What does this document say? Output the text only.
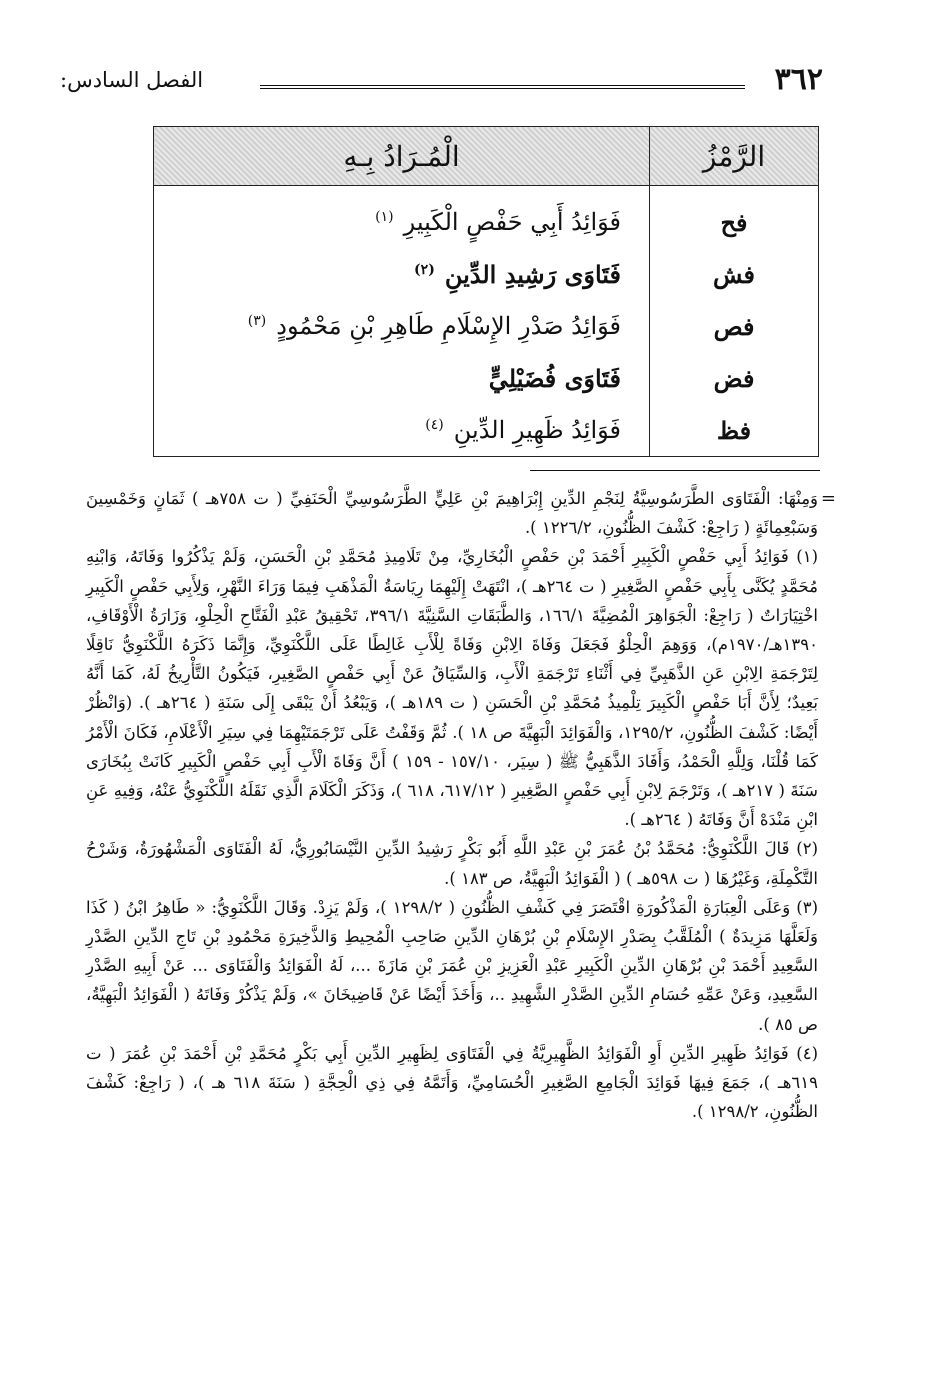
٣٦٢
الفصل السادس:
الرَّمْزُ	الْمُـرَادُ بِـهِ
فح	فَوَائِدُ أَبِي حَفْصٍ الْكَبِيرِ$^{(١)}$
فش	فَتَاوَى رَشِيدِ الدِّينِ$^{(٢)}$
فص	فَوَائِدُ صَدْرِ الإِسْلَامِ طَاهِرِ بْنِ مَحْمُودٍ$^{(٣)}$
فض	فَتَاوَى فُضَيْلِيٍّ
فظ	فَوَائِدُ ظَهِيرِ الدِّينِ$^{(٤)}$
=

وَمِنْهَا: الْفَتَاوَى الطَّرَسُوسِيَّةُ لِنَجْمِ الدِّينِ إِبْرَاهِيمَ بْنِ عَلِيٍّ الطَّرَسُوسِيِّ الْحَنَفِيِّ ( ت ٧٥٨هـ ) ثَمَانٍ وَخَمْسِينَ وَسَبْعِمِائَةٍ ( رَاجِعْ: كَشْفَ الظُّنُونِ، ١٢٢٦/٢ ).

(١) فَوَائِدُ أَبِي حَفْصٍ الْكَبِيرِ أَحْمَدَ بْنِ حَفْصٍ الْبُخَارِيِّ، مِنْ تَلَامِيذِ مُحَمَّدِ بْنِ الْحَسَنِ، وَلَمْ يَذْكُرُوا وَفَاتَهُ، وَابْنِهِ مُحَمَّدٍ يُكَنَّى بِأَبِي حَفْصٍ الصَّغِيرِ ( ت ٢٦٤هـ )، انْتَهَتْ إِلَيْهِمَا رِيَاسَةُ الْمَذْهَبِ فِيمَا وَرَاءَ النَّهْرِ، وَلِأَبِي حَفْصٍ الْكَبِيرِ اخْتِيَارَاتٌ ( رَاجِعْ: الْجَوَاهِرَ الْمُضِيَّةَ ١٦٦/١، وَالطَّبَقَاتِ السَّنِيَّةَ ٣٩٦/١، تَحْقِيقُ عَبْدِ الْفَتَّاحِ الْحِلْوِ، وَزَارَةُ الْأَوْقَافِ، ١٣٩٠هـ/١٩٧٠م)، وَوَهِمَ الْحِلْوُ فَجَعَلَ وَفَاةَ الِابْنِ وَفَاةً لِلْأَبِ غَالِطًا عَلَى اللَّكْنَوِيِّ، وَإِنَّمَا ذَكَرَهُ اللَّكْنَوِيُّ نَاقِلًا لِتَرْجَمَةِ الِابْنِ عَنِ الذَّهَبِيِّ فِي أَثْنَاءِ تَرْجَمَةِ الْأَبِ، وَالسِّيَاقُ عَنْ أَبِي حَفْصٍ الصَّغِيرِ، فَيَكُونُ التَّأْرِيخُ لَهُ، كَمَا أَنَّهُ بَعِيدٌ؛ لِأَنَّ أَبَا حَفْصٍ الْكَبِيرَ تِلْمِيذُ مُحَمَّدِ بْنِ الْحَسَنِ ( ت ١٨٩هـ )، وَيَبْعُدُ أَنْ يَبْقَى إِلَى سَنَةِ ( ٢٦٤هـ ). (وَانْظُرْ أَيْضًا: كَشْفَ الظُّنُونِ، ١٢٩٥/٢، وَالْفَوَائِدَ الْبَهِيَّةَ ص ١٨ ). ثُمَّ وَقَفْتُ عَلَى تَرْجَمَتَيْهِمَا فِي سِيَرِ الْأَعْلَامِ، فَكَانَ الْأَمْرُ كَمَا قُلْنَا، وَلِلَّهِ الْحَمْدُ، وَأَفَادَ الذَّهَبِيُّ ﷺ ( سِيَر، ١٥٧/١٠ - ١٥٩ ) أَنَّ وَفَاةَ الْأَبِ أَبِي حَفْصٍ الْكَبِيرِ كَانَتْ بِبُخَارَى سَنَةَ ( ٢١٧هـ )، وَتَرْجَمَ لِابْنِ أَبِي حَفْصٍ الصَّغِيرِ ( ٦١٧/١٢، ٦١٨ )، وَذَكَرَ الْكَلَامَ الَّذِي نَقَلَهُ اللَّكْنَوِيُّ عَنْهُ، وَفِيهِ عَنِ ابْنِ مَنْدَهْ أَنَّ وَفَاتَهُ ( ٢٦٤هـ ).

(٢) قَالَ اللَّكْنَوِيُّ: مُحَمَّدُ بْنُ عُمَرَ بْنِ عَبْدِ اللَّهِ أَبُو بَكْرٍ رَشِيدُ الدِّينِ النَّيْسَابُورِيُّ، لَهُ الْفَتَاوَى الْمَشْهُورَةُ، وَشَرْحُ التَّكْمِلَةِ، وَغَيْرُهَا ( ت ٥٩٨هـ ) ( الْفَوَائِدُ الْبَهِيَّةُ، ص ١٨٣ ).

(٣) وَعَلَى الْعِبَارَةِ الْمَذْكُورَةِ اقْتَصَرَ فِي كَشْفِ الظُّنُونِ ( ١٢٩٨/٢ )، وَلَمْ يَزِدْ. وَقَالَ اللَّكْنَوِيُّ: « طَاهِرُ ابْنُ ( كَذَا وَلَعَلَّهَا مَزِيدَةٌ ) الْمُلَقَّبُ بِصَدْرِ الإِسْلَامِ بْنِ بُرْهَانِ الدِّينِ صَاحِبِ الْمُحِيطِ وَالذَّخِيرَةِ مَحْمُودِ بْنِ تَاجِ الدِّينِ الصَّدْرِ السَّعِيدِ أَحْمَدَ بْنِ بُرْهَانِ الدِّينِ الْكَبِيرِ عَبْدِ الْعَزِيزِ بْنِ عُمَرَ بْنِ مَازَةَ ...، لَهُ الْفَوَائِدُ وَالْفَتَاوَى ... عَنْ أَبِيهِ الصَّدْرِ السَّعِيدِ، وَعَنْ عَمِّهِ حُسَامِ الدِّينِ الصَّدْرِ الشَّهِيدِ ..، وَأَخَذَ أَيْضًا عَنْ قَاضِيخَانَ »، وَلَمْ يَذْكُرْ وَفَاتَهُ ( الْفَوَائِدُ الْبَهِيَّةُ، ص ٨٥ ).

(٤) فَوَائِدُ ظَهِيرِ الدِّينِ أَوِ الْفَوَائِدُ الظَّهِيرِيَّةُ فِي الْفَتَاوَى لِظَهِيرِ الدِّينِ أَبِي بَكْرٍ مُحَمَّدِ بْنِ أَحْمَدَ بْنِ عُمَرَ ( ت ٦١٩هـ )، جَمَعَ فِيهَا فَوَائِدَ الْجَامِعِ الصَّغِيرِ الْحُسَامِيِّ، وَأَتَمَّهُ فِي ذِي الْحِجَّةِ ( سَنَةَ ٦١٨ هـ )، ( رَاجِعْ: كَشْفَ الظُّنُونِ، ١٢٩٨/٢ ).
